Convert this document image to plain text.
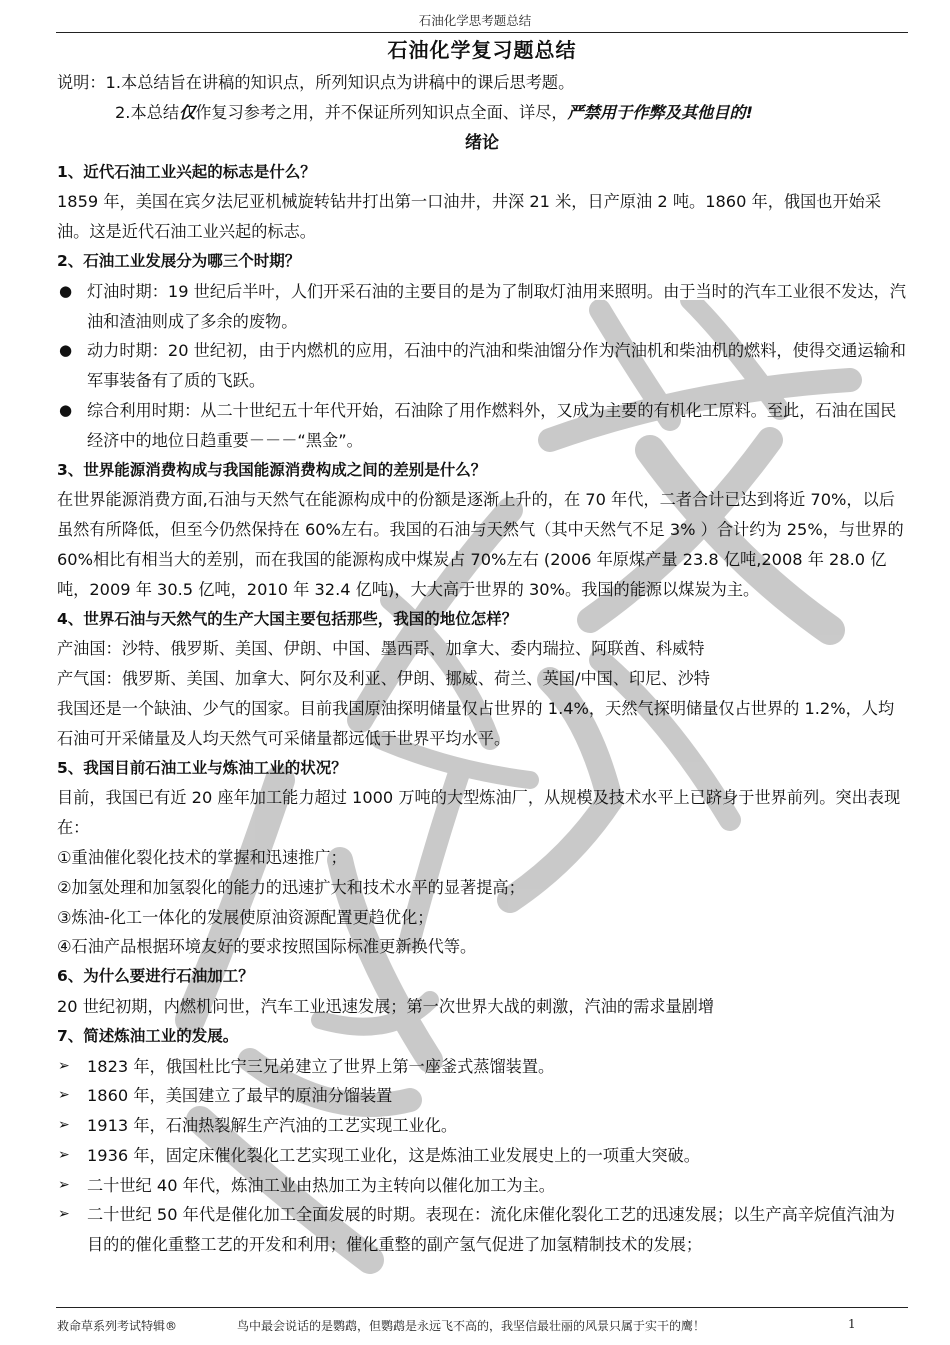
石油化学思考题总结
石油化学复习题总结
说明：1.本总结旨在讲稿的知识点，所列知识点为讲稿中的课后思考题。
2.本总结仅作复习参考之用，并不保证所列知识点全面、详尽，严禁用于作弊及其他目的!
绪论
1、近代石油工业兴起的标志是什么？
1859 年，美国在宾夕法尼亚机械旋转钻井打出第一口油井，井深 21 米，日产原油 2 吨。1860 年，俄国也开始采油。这是近代石油工业兴起的标志。
2、石油工业发展分为哪三个时期？
● 灯油时期：19 世纪后半叶，人们开采石油的主要目的是为了制取灯油用来照明。由于当时的汽车工业很不发达，汽油和渣油则成了多余的废物。
● 动力时期：20 世纪初，由于内燃机的应用，石油中的汽油和柴油馏分作为汽油机和柴油机的燃料，使得交通运输和军事装备有了质的飞跃。
● 综合利用时期：从二十世纪五十年代开始，石油除了用作燃料外，又成为主要的有机化工原料。至此，石油在国民经济中的地位日趋重要－－－“黑金”。
3、世界能源消费构成与我国能源消费构成之间的差别是什么？
在世界能源消费方面,石油与天然气在能源构成中的份额是逐渐上升的，在 70 年代，二者合计已达到将近 70%，以后虽然有所降低，但至今仍然保持在 60%左右。我国的石油与天然气（其中天然气不足 3% ）合计约为 25%，与世界的 60%相比有相当大的差别，而在我国的能源构成中煤炭占 70%左右 (2006 年原煤产量 23.8 亿吨,2008 年 28.0 亿吨，2009 年 30.5 亿吨，2010 年 32.4 亿吨)，大大高于世界的 30%。我国的能源以煤炭为主。
4、世界石油与天然气的生产大国主要包括那些，我国的地位怎样？
产油国：沙特、俄罗斯、美国、伊朗、中国、墨西哥、加拿大、委内瑞拉、阿联酋、科威特
产气国：俄罗斯、美国、加拿大、阿尔及利亚、伊朗、挪威、荷兰、英国/中国、印尼、沙特
我国还是一个缺油、少气的国家。目前我国原油探明储量仅占世界的 1.4%，天然气探明储量仅占世界的 1.2%，人均石油可开采储量及人均天然气可采储量都远低于世界平均水平。
5、我国目前石油工业与炼油工业的状况？
目前，我国已有近 20 座年加工能力超过 1000 万吨的大型炼油厂，从规模及技术水平上已跻身于世界前列。突出表现在：
①重油催化裂化技术的掌握和迅速推广；
②加氢处理和加氢裂化的能力的迅速扩大和技术水平的显著提高；
③炼油-化工一体化的发展使原油资源配置更趋优化；
④石油产品根据环境友好的要求按照国际标准更新换代等。
6、为什么要进行石油加工？
20 世纪初期，内燃机问世，汽车工业迅速发展；第一次世界大战的刺激，汽油的需求量剧增
7、简述炼油工业的发展。
➢ 1823 年，俄国杜比宁三兄弟建立了世界上第一座釜式蒸馏装置。
➢ 1860 年，美国建立了最早的原油分馏装置
➢ 1913 年，石油热裂解生产汽油的工艺实现工业化。
➢ 1936 年，固定床催化裂化工艺实现工业化，这是炼油工业发展史上的一项重大突破。
➢ 二十世纪 40 年代，炼油工业由热加工为主转向以催化加工为主。
➢ 二十世纪 50 年代是催化加工全面发展的时期。表现在：流化床催化裂化工艺的迅速发展；以生产高辛烷值汽油为目的的催化重整工艺的开发和利用；催化重整的副产氢气促进了加氢精制技术的发展；
救命草系列考试特辑®	鸟中最会说话的是鹦鹉，但鹦鹉是永远飞不高的，我坚信最壮丽的风景只属于实干的鹰！	1
